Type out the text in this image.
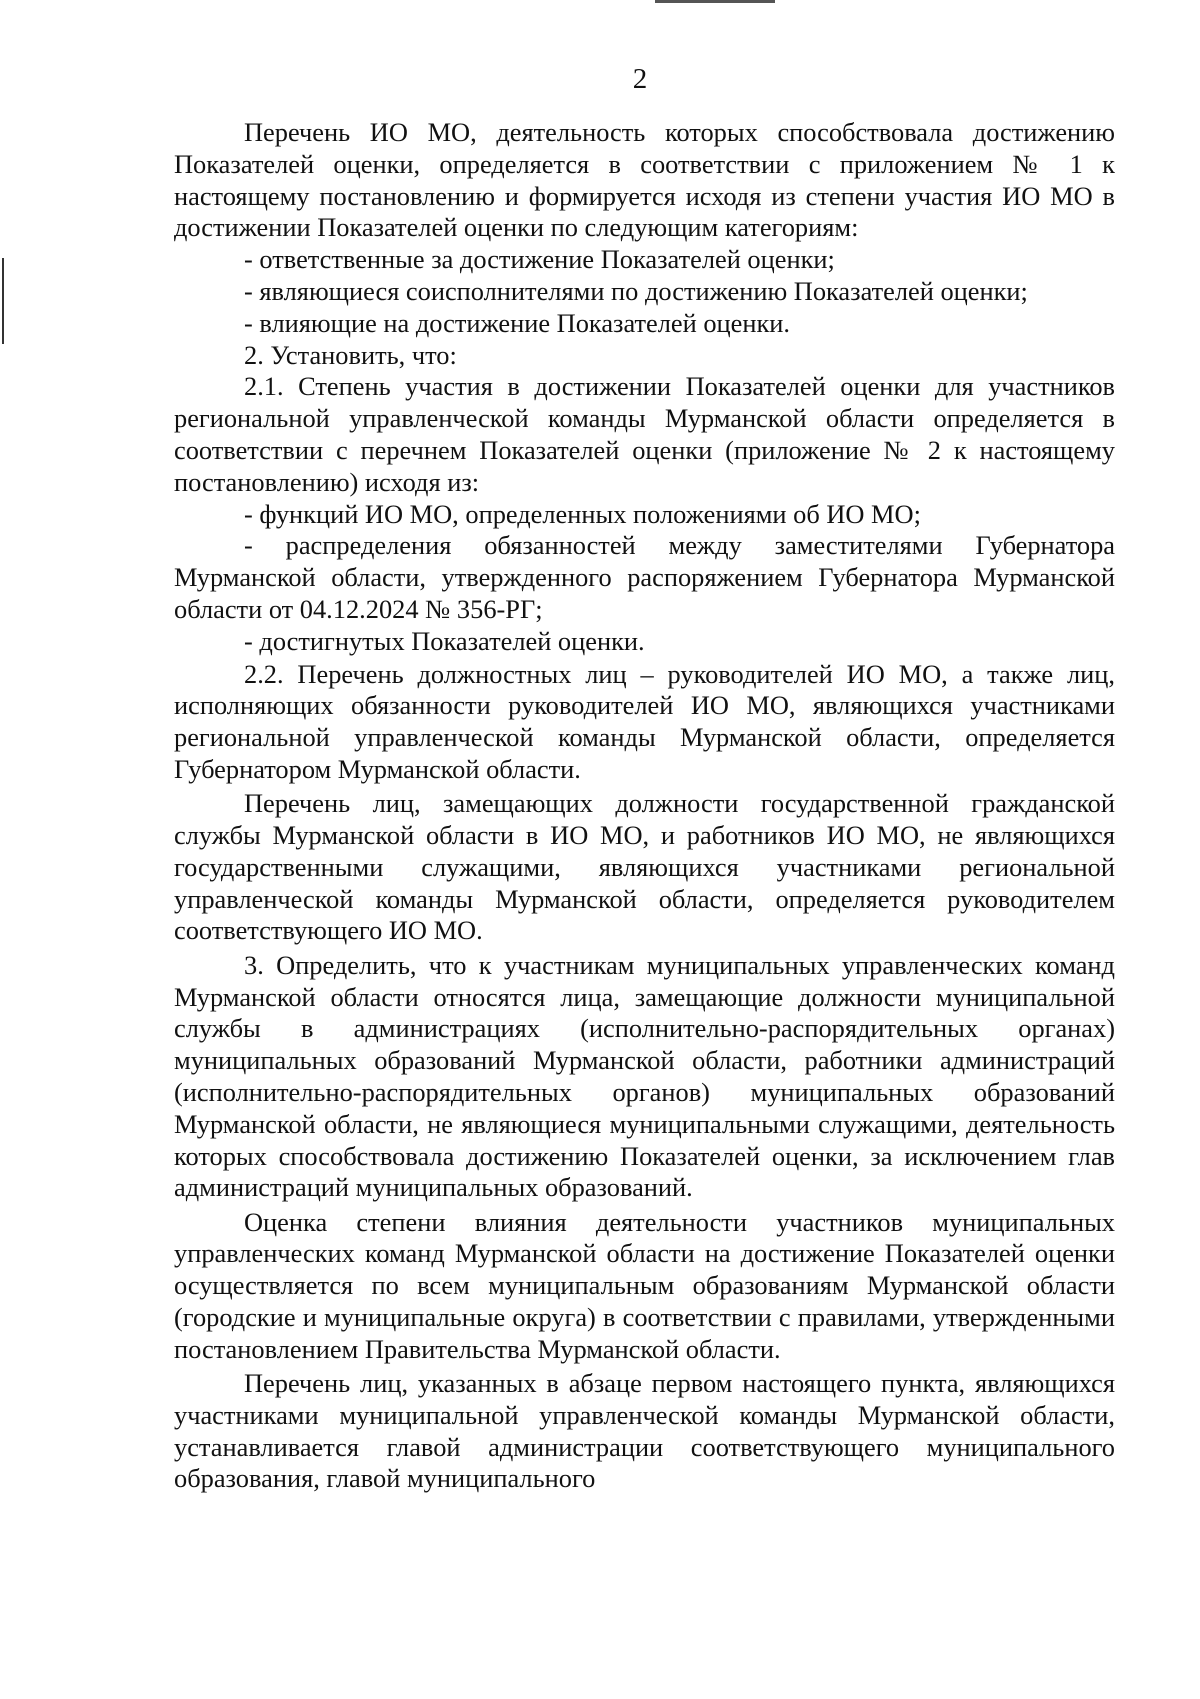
2

Перечень ИО МО, деятельность которых способствовала достижению Показателей оценки, определяется в соответствии с приложением № 1 к настоящему постановлению и формируется исходя из степени участия ИО МО в достижении Показателей оценки по следующим категориям:

- ответственные за достижение Показателей оценки;

- являющиеся соисполнителями по достижению Показателей оценки;

- влияющие на достижение Показателей оценки.

2. Установить, что:

2.1. Степень участия в достижении Показателей оценки для участников региональной управленческой команды Мурманской области определяется в соответствии с перечнем Показателей оценки (приложение № 2 к настоящему постановлению) исходя из:

- функций ИО МО, определенных положениями об ИО МО;

- распределения обязанностей между заместителями Губернатора Мурманской области, утвержденного распоряжением Губернатора Мурманской области от 04.12.2024 № 356-РГ;

- достигнутых Показателей оценки.

2.2. Перечень должностных лиц – руководителей ИО МО, а также лиц, исполняющих обязанности руководителей ИО МО, являющихся участниками региональной управленческой команды Мурманской области, определяется Губернатором Мурманской области.

Перечень лиц, замещающих должности государственной гражданской службы Мурманской области в ИО МО, и работников ИО МО, не являющихся государственными служащими, являющихся участниками региональной управленческой команды Мурманской области, определяется руководителем соответствующего ИО МО.

3. Определить, что к участникам муниципальных управленческих команд Мурманской области относятся лица, замещающие должности муниципальной службы в администрациях (исполнительно-распорядительных органах) муниципальных образований Мурманской области, работники администраций (исполнительно-распорядительных органов) муниципальных образований Мурманской области, не являющиеся муниципальными служащими, деятельность которых способствовала достижению Показателей оценки, за исключением глав администраций муниципальных образований.

Оценка степени влияния деятельности участников муниципальных управленческих команд Мурманской области на достижение Показателей оценки осуществляется по всем муниципальным образованиям Мурманской области (городские и муниципальные округа) в соответствии с правилами, утвержденными постановлением Правительства Мурманской области.

Перечень лиц, указанных в абзаце первом настоящего пункта, являющихся участниками муниципальной управленческой команды Мурманской области, устанавливается главой администрации соответствующего муниципального образования, главой муниципального
